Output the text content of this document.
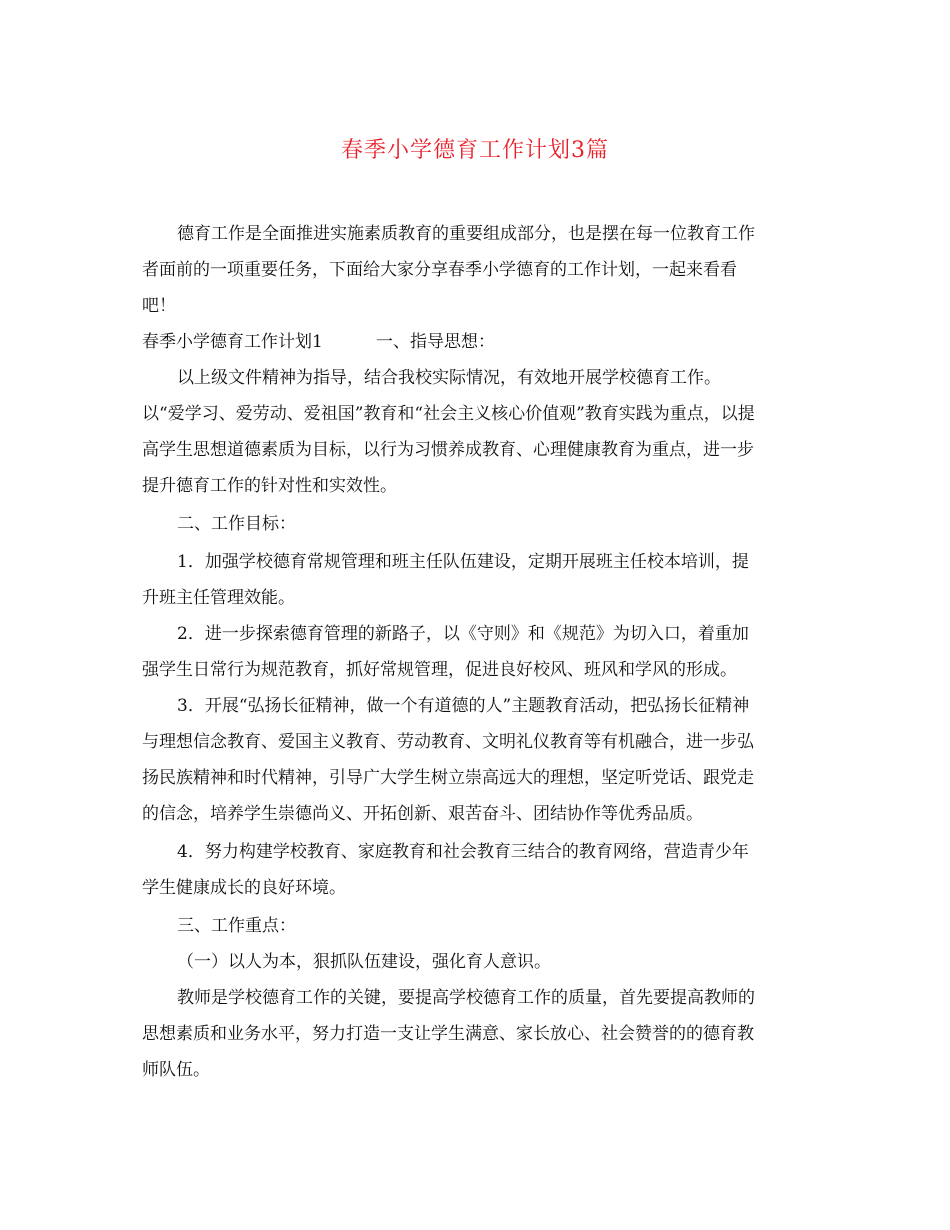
春季小学德育工作计划3篇
德育工作是全面推进实施素质教育的重要组成部分，也是摆在每一位教育工作
者面前的一项重要任务，下面给大家分享春季小学德育的工作计划，一起来看看
吧！
春季小学德育工作计划1	一、指导思想：
以上级文件精神为指导，结合我校实际情况，有效地开展学校德育工作。
以“爱学习、爱劳动、爱祖国”教育和“社会主义核心价值观”教育实践为重点，以提
高学生思想道德素质为目标，以行为习惯养成教育、心理健康教育为重点，进一步
提升德育工作的针对性和实效性。
二、工作目标：
1．加强学校德育常规管理和班主任队伍建设，定期开展班主任校本培训，提
升班主任管理效能。
2．进一步探索德育管理的新路子，以《守则》和《规范》为切入口，着重加
强学生日常行为规范教育，抓好常规管理，促进良好校风、班风和学风的形成。
3．开展“弘扬长征精神，做一个有道德的人”主题教育活动，把弘扬长征精神
与理想信念教育、爱国主义教育、劳动教育、文明礼仪教育等有机融合，进一步弘
扬民族精神和时代精神，引导广大学生树立崇高远大的理想，坚定听党话、跟党走
的信念，培养学生崇德尚义、开拓创新、艰苦奋斗、团结协作等优秀品质。
4．努力构建学校教育、家庭教育和社会教育三结合的教育网络，营造青少年
学生健康成长的良好环境。
三、工作重点：
（一）以人为本，狠抓队伍建设，强化育人意识。
教师是学校德育工作的关键，要提高学校德育工作的质量，首先要提高教师的
思想素质和业务水平，努力打造一支让学生满意、家长放心、社会赞誉的的德育教
师队伍。
